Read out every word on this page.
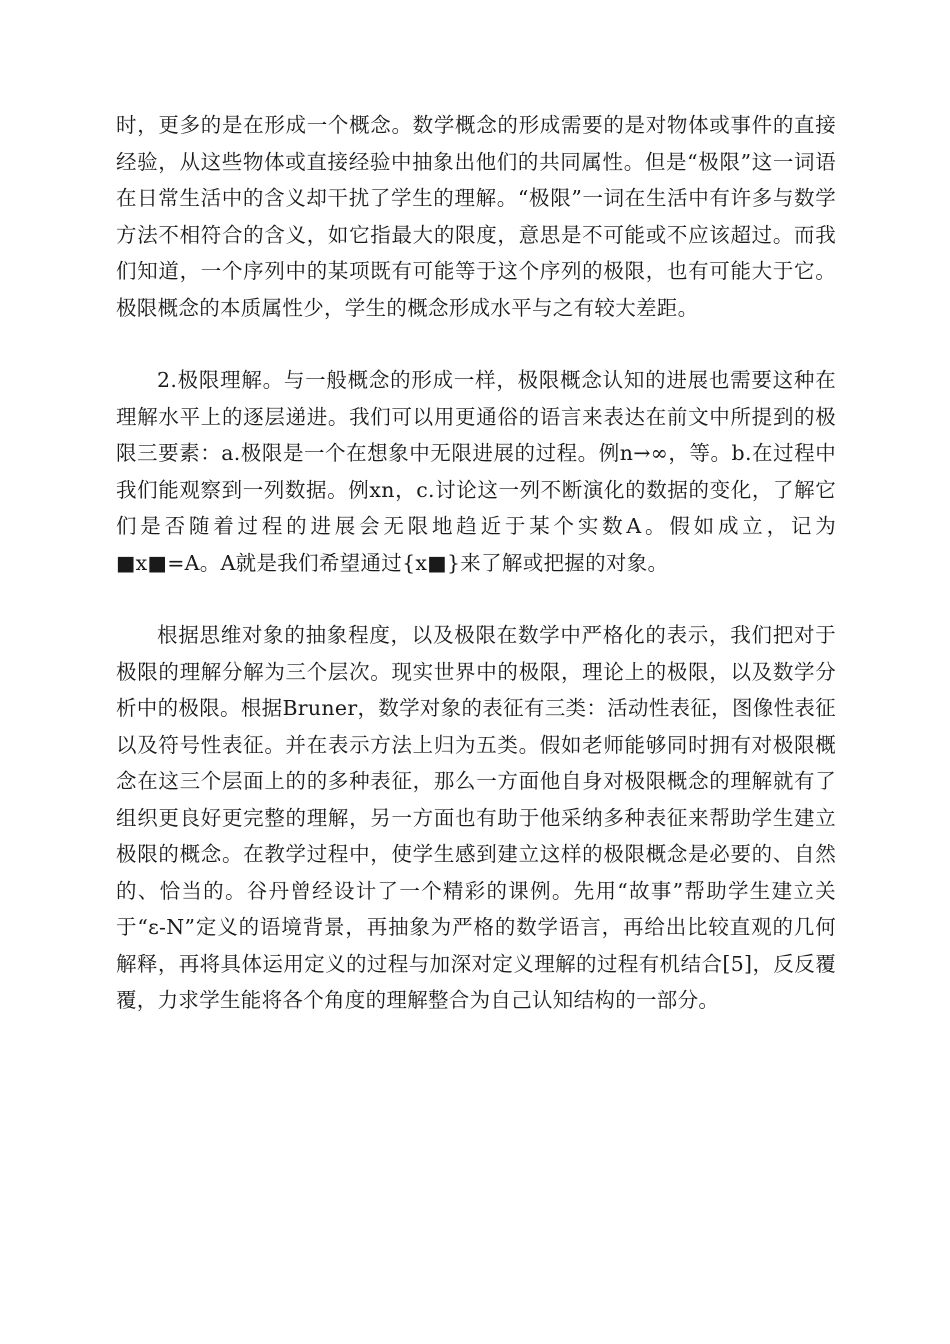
时，更多的是在形成一个概念。数学概念的形成需要的是对物体或事件的直接经验，从这些物体或直接经验中抽象出他们的共同属性。但是“极限”这一词语在日常生活中的含义却干扰了学生的理解。“极限”一词在生活中有许多与数学方法不相符合的含义，如它指最大的限度，意思是不可能或不应该超过。而我们知道，一个序列中的某项既有可能等于这个序列的极限，也有可能大于它。极限概念的本质属性少，学生的概念形成水平与之有较大差距。

2.极限理解。与一般概念的形成一样，极限概念认知的进展也需要这种在理解水平上的逐层递进。我们可以用更通俗的语言来表达在前文中所提到的极限三要素：a.极限是一个在想象中无限进展的过程。例n→∞，等。b.在过程中我们能观察到一列数据。例xn，c.讨论这一列不断演化的数据的变化，了解它们是否随着过程的进展会无限地趋近于某个实数A。假如成立，记为■x■=A。A就是我们希望通过{x■}来了解或把握的对象。

根据思维对象的抽象程度，以及极限在数学中严格化的表示，我们把对于极限的理解分解为三个层次。现实世界中的极限，理论上的极限，以及数学分析中的极限。根据Bruner，数学对象的表征有三类：活动性表征，图像性表征以及符号性表征。并在表示方法上归为五类。假如老师能够同时拥有对极限概念在这三个层面上的的多种表征，那么一方面他自身对极限概念的理解就有了组织更良好更完整的理解，另一方面也有助于他采纳多种表征来帮助学生建立极限的概念。在教学过程中，使学生感到建立这样的极限概念是必要的、自然的、恰当的。谷丹曾经设计了一个精彩的课例。先用“故事”帮助学生建立关于“ε-N”定义的语境背景，再抽象为严格的数学语言，再给出比较直观的几何解释，再将具体运用定义的过程与加深对定义理解的过程有机结合[5]，反反覆覆，力求学生能将各个角度的理解整合为自己认知结构的一部分。
